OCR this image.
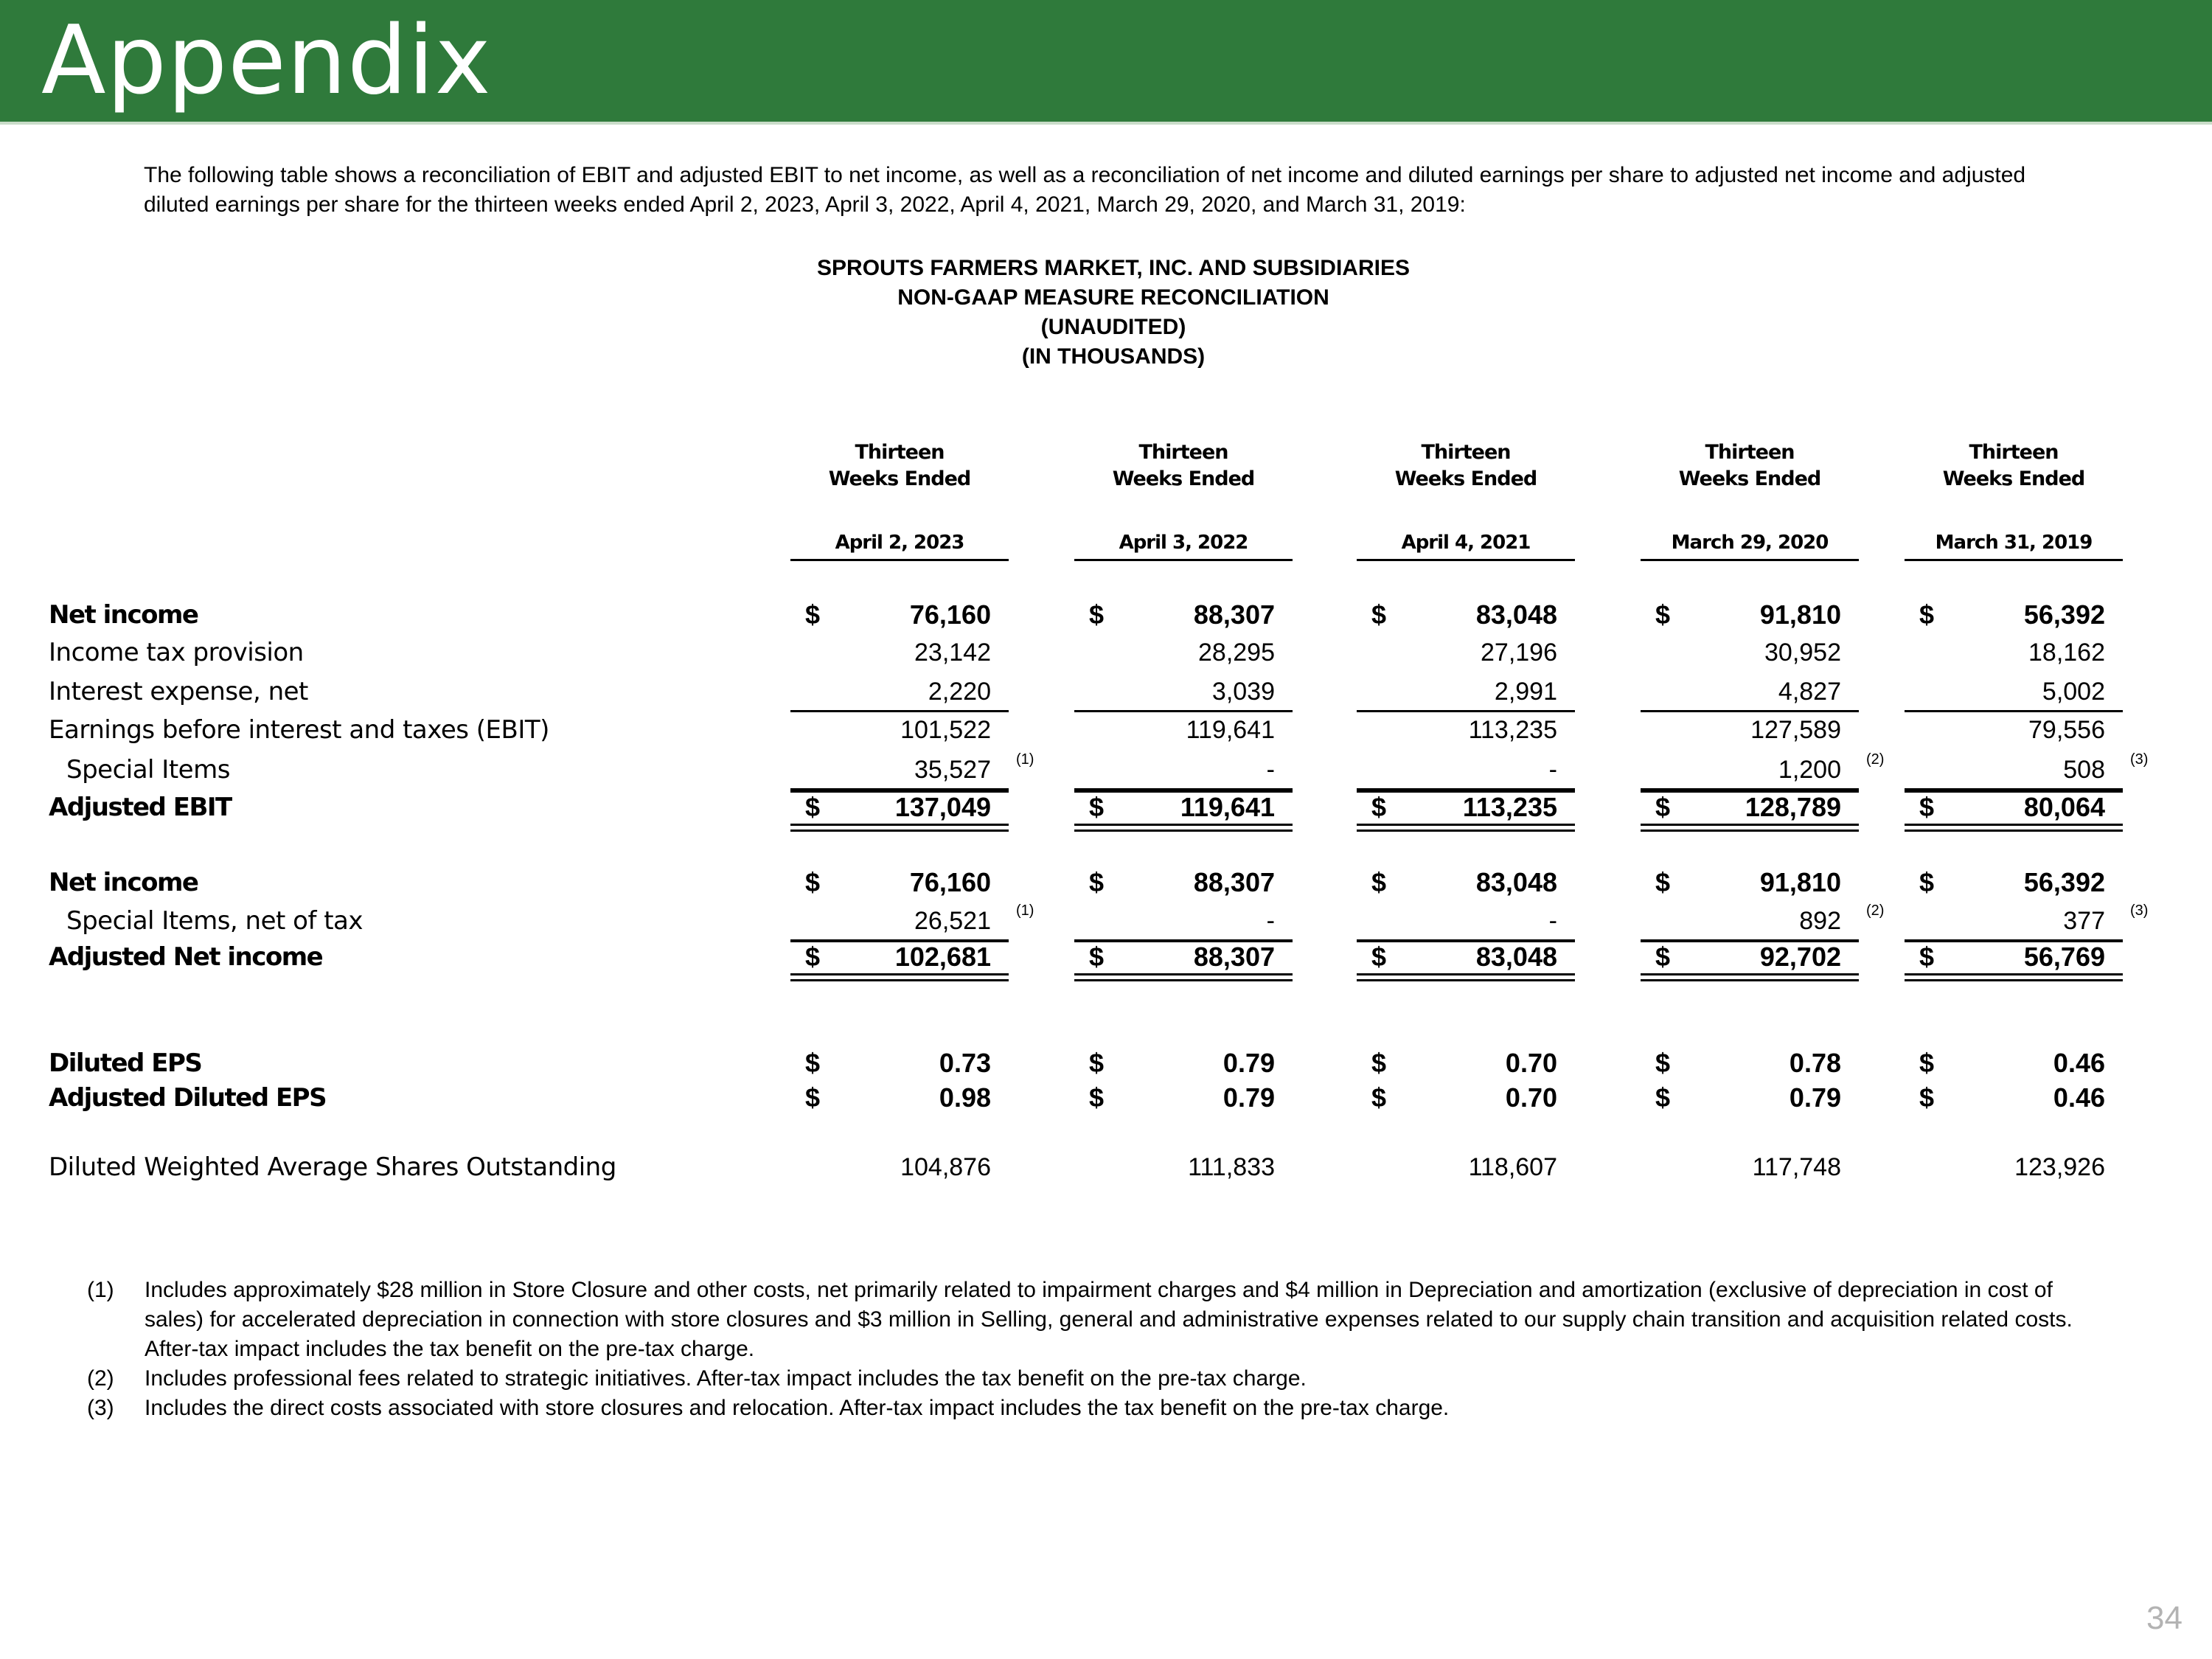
Appendix
The following table shows a reconciliation of EBIT and adjusted EBIT to net income, as well as a reconciliation of net income and diluted earnings per share to adjusted net income and adjusted diluted earnings per share for the thirteen weeks ended April 2, 2023, April 3, 2022, April 4, 2021, March 29, 2020, and March 31, 2019:
SPROUTS FARMERS MARKET, INC. AND SUBSIDIARIES
NON-GAAP MEASURE RECONCILIATION
(UNAUDITED)
(IN THOUSANDS)
Thirteen
Weeks Ended
April 2, 2023
Thirteen
Weeks Ended
April 3, 2022
Thirteen
Weeks Ended
April 4, 2021
Thirteen
Weeks Ended
March 29, 2020
Thirteen
Weeks Ended
March 31, 2019
Net income	$	76,160	$	88,307	$	83,048	$	91,810	$	56,392
Income tax provision	23,142	28,295	27,196	30,952	18,162
Interest expense, net	2,220	3,039	2,991	4,827	5,002
Earnings before interest and taxes (EBIT)	101,522	119,641	113,235	127,589	79,556
Special Items	35,527 (1)	-	-	1,200 (2)	508 (3)
Adjusted EBIT	$	137,049	$	119,641	$	113,235	$	128,789	$	80,064
Net income	$	76,160	$	88,307	$	83,048	$	91,810	$	56,392
Special Items, net of tax	26,521 (1)	-	-	892 (2)	377 (3)
Adjusted Net income	$	102,681	$	88,307	$	83,048	$	92,702	$	56,769
Diluted EPS	$	0.73	$	0.79	$	0.70	$	0.78	$	0.46
Adjusted Diluted EPS	$	0.98	$	0.79	$	0.70	$	0.79	$	0.46
Diluted Weighted Average Shares Outstanding	104,876	111,833	118,607	117,748	123,926
(1) Includes approximately $28 million in Store Closure and other costs, net primarily related to impairment charges and $4 million in Depreciation and amortization (exclusive of depreciation in cost of sales) for accelerated depreciation in connection with store closures and $3 million in Selling, general and administrative expenses related to our supply chain transition and acquisition related costs. After-tax impact includes the tax benefit on the pre-tax charge.
(2) Includes professional fees related to strategic initiatives. After-tax impact includes the tax benefit on the pre-tax charge.
(3) Includes the direct costs associated with store closures and relocation. After-tax impact includes the tax benefit on the pre-tax charge.
34
